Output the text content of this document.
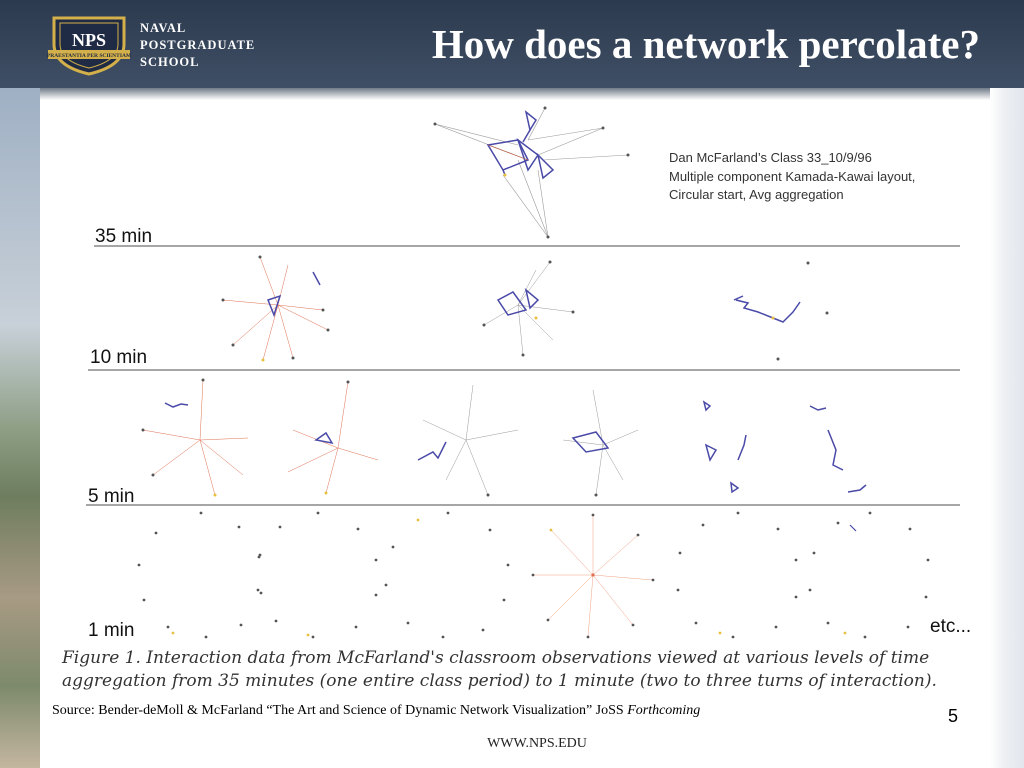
NPS
PRAESTANTIA PER SCIENTIAM
NAVAL
POSTGRADUATE
SCHOOL	How does a network percolate?
Dan McFarland’s Class 33_10/9/96
Multiple component Kamada-Kawai layout,
Circular start, Avg aggregation
35 min
10 min
5 min
1 min	etc...
Figure 1. Interaction data from McFarland's classroom observations viewed at various levels of time
aggregation from 35 minutes (one entire class period) to 1 minute (two to three turns of interaction).
Source: Bender-deMoll & McFarland “The Art and Science of Dynamic Network Visualization” JoSS Forthcoming	5
WWW.NPS.EDU
